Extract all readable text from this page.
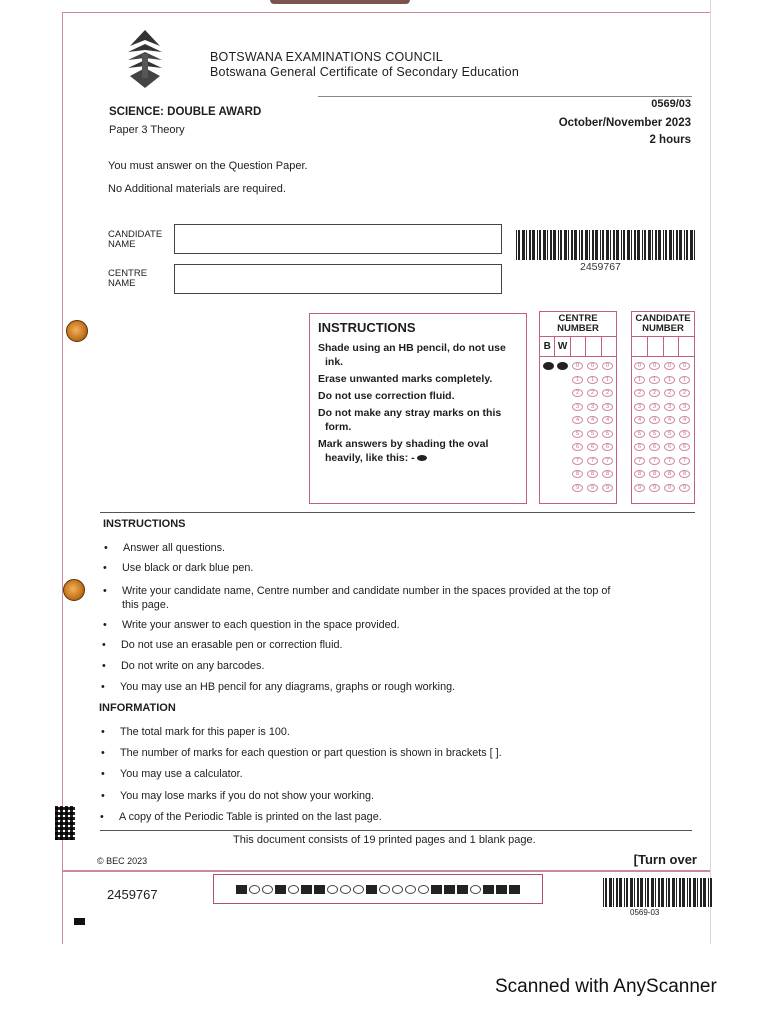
BOTSWANA EXAMINATIONS COUNCIL
Botswana General Certificate of Secondary Education
SCIENCE: DOUBLE AWARD
Paper 3 Theory
0569/03
October/November 2023
2 hours
You must answer on the Question Paper.
No Additional materials are required.
CANDIDATE
NAME
CENTRE
NAME
2459767
INSTRUCTIONS
Shade using an HB pencil, do not use ink.
Erase unwanted marks completely.
Do not use correction fluid.
Do not make any stray marks on this form.
Mark answers by shading the oval heavily, like this: -
CENTRE
NUMBER
B W
CANDIDATE
NUMBER
0
1
2
3
4
5
6
7
8
9
0
1
2
3
4
5
6
7
8
9
0
1
2
3
4
5
6
7
8
9
0
1
2
3
4
5
6
7
8
9
0
1
2
3
4
5
6
7
8
9
0
1
2
3
4
5
6
7
8
9
0
1
2
3
4
5
6
7
8
9
INSTRUCTIONS
• Answer all questions.
• Use black or dark blue pen.
• Write your candidate name, Centre number and candidate number in the spaces provided at the top of
this page.
• Write your answer to each question in the space provided.
• Do not use an erasable pen or correction fluid.
• Do not write on any barcodes.
• You may use an HB pencil for any diagrams, graphs or rough working.
INFORMATION
• The total mark for this paper is 100.
• The number of marks for each question or part question is shown in brackets [ ].
• You may use a calculator.
• You may lose marks if you do not show your working.
• A copy of the Periodic Table is printed on the last page.
This document consists of 19 printed pages and 1 blank page.
© BEC 2023	[Turn over
2459767
0569-03
Scanned with AnyScanner
